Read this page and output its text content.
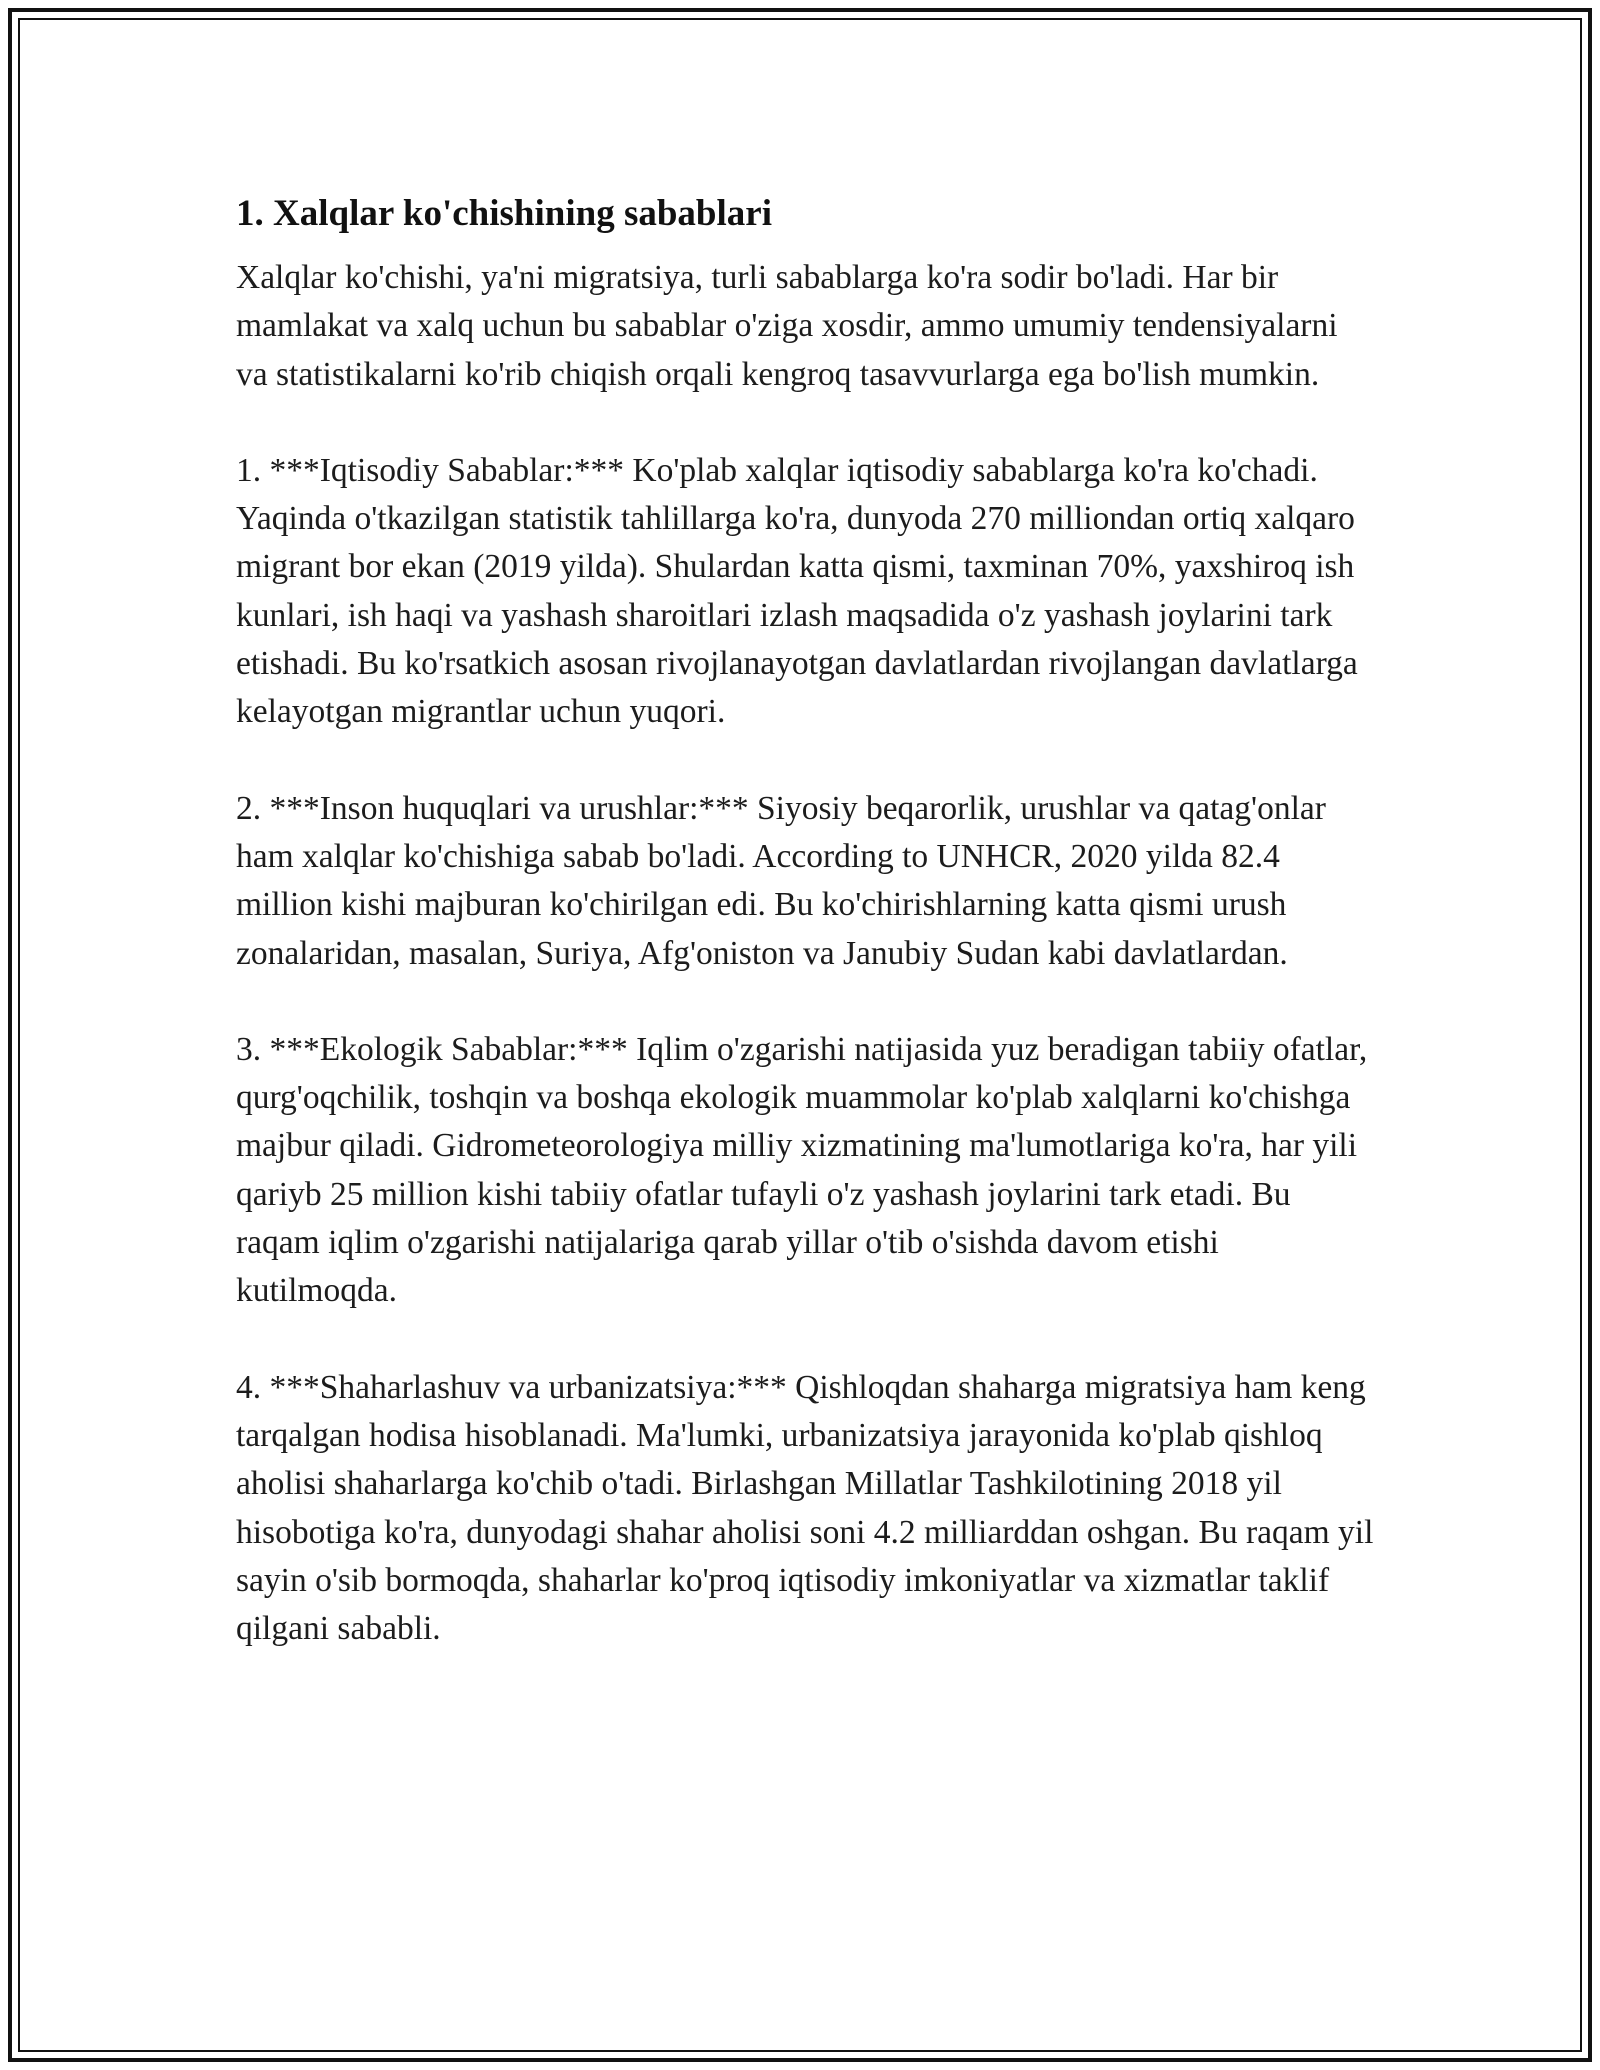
1. Xalqlar ko'chishining sabablari

Xalqlar ko'chishi, ya'ni migratsiya, turli sabablarga ko'ra sodir bo'ladi. Har bir mamlakat va xalq uchun bu sabablar o'ziga xosdir, ammo umumiy tendensiyalarni va statistikalarni ko'rib chiqish orqali kengroq tasavvurlarga ega bo'lish mumkin.

1. ***Iqtisodiy Sabablar:*** Ko'plab xalqlar iqtisodiy sabablarga ko'ra ko'chadi. Yaqinda o'tkazilgan statistik tahlillarga ko'ra, dunyoda 270 milliondan ortiq xalqaro migrant bor ekan (2019 yilda). Shulardan katta qismi, taxminan 70%, yaxshiroq ish kunlari, ish haqi va yashash sharoitlari izlash maqsadida o'z yashash joylarini tark etishadi. Bu ko'rsatkich asosan rivojlanayotgan davlatlardan rivojlangan davlatlarga kelayotgan migrantlar uchun yuqori.

2. ***Inson huquqlari va urushlar:*** Siyosiy beqarorlik, urushlar va qatag'onlar ham xalqlar ko'chishiga sabab bo'ladi. According to UNHCR, 2020 yilda 82.4 million kishi majburan ko'chirilgan edi. Bu ko'chirishlarning katta qismi urush zonalaridan, masalan, Suriya, Afg'oniston va Janubiy Sudan kabi davlatlardan.

3. ***Ekologik Sabablar:*** Iqlim o'zgarishi natijasida yuz beradigan tabiiy ofatlar, qurg'oqchilik, toshqin va boshqa ekologik muammolar ko'plab xalqlarni ko'chishga majbur qiladi. Gidrometeorologiya milliy xizmatining ma'lumotlariga ko'ra, har yili qariyb 25 million kishi tabiiy ofatlar tufayli o'z yashash joylarini tark etadi. Bu raqam iqlim o'zgarishi natijalariga qarab yillar o'tib o'sishda davom etishi kutilmoqda.

4. ***Shaharlashuv va urbanizatsiya:*** Qishloqdan shaharga migratsiya ham keng tarqalgan hodisa hisoblanadi. Ma'lumki, urbanizatsiya jarayonida ko'plab qishloq aholisi shaharlarga ko'chib o'tadi. Birlashgan Millatlar Tashkilotining 2018 yil hisobotiga ko'ra, dunyodagi shahar aholisi soni 4.2 milliarddan oshgan. Bu raqam yil sayin o'sib bormoqda, shaharlar ko'proq iqtisodiy imkoniyatlar va xizmatlar taklif qilgani sababli.
